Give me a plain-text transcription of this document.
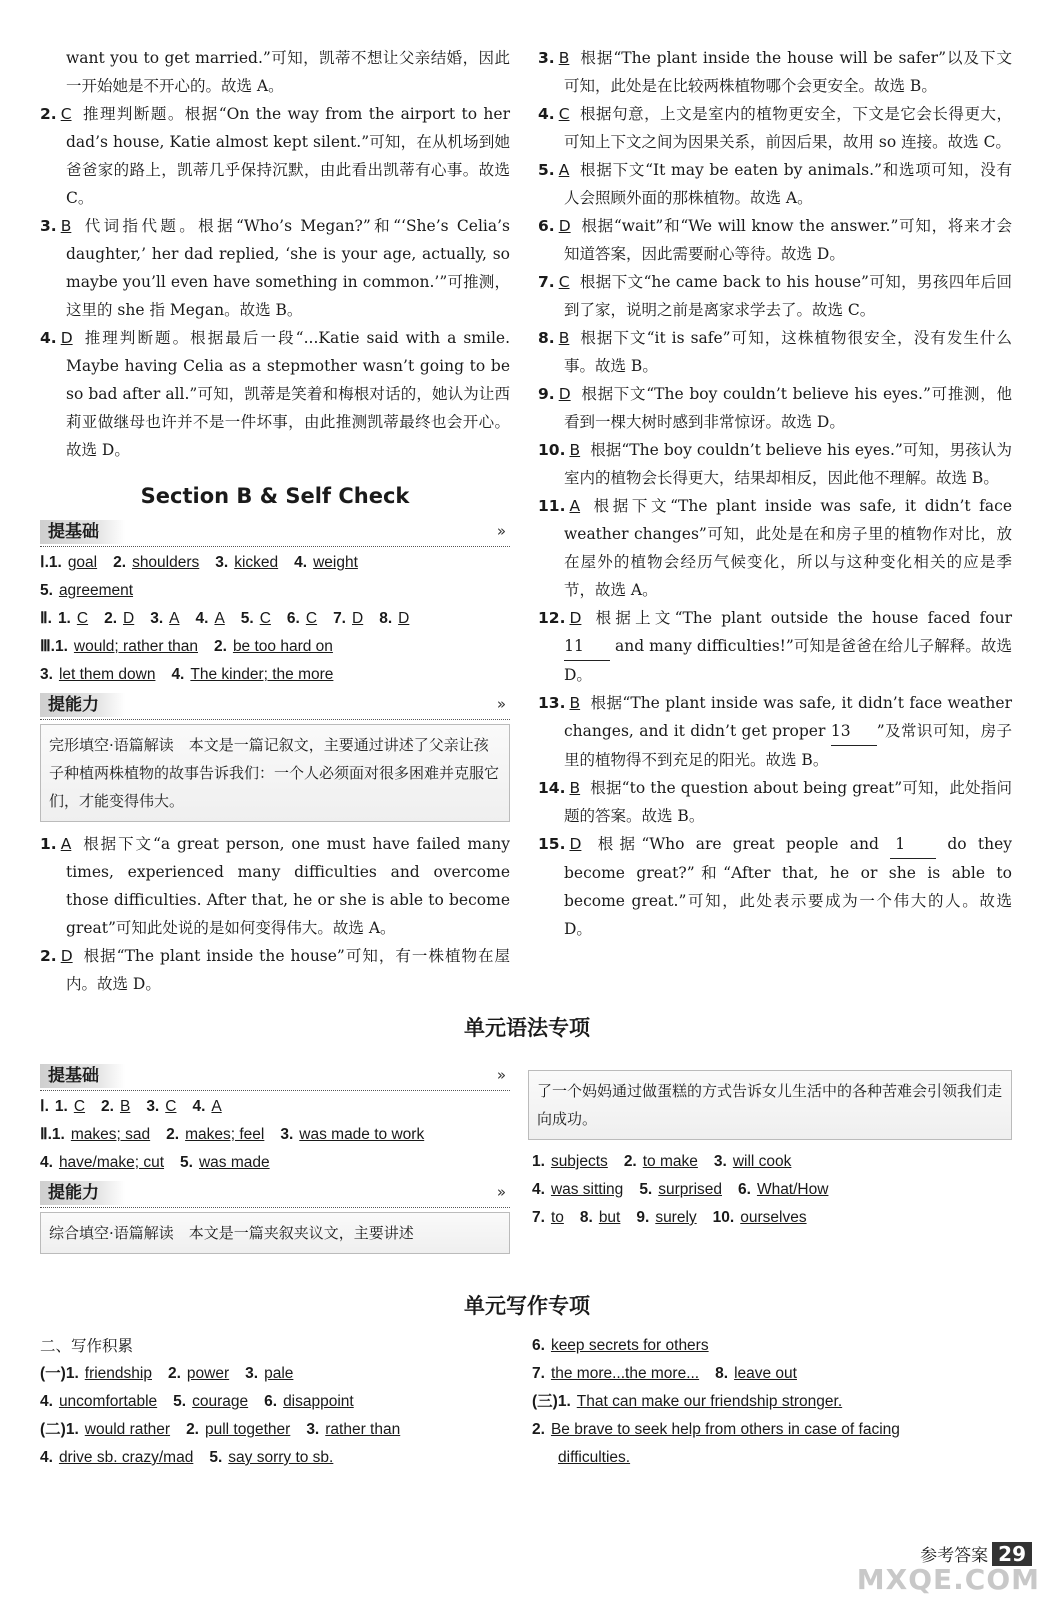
want you to get married.”可知，凯蒂不想让父亲结婚，因此一开始她是不开心的。故选 A。

2. C 推理判断题。根据“On the way from the airport to her dad’s house, Katie almost kept silent.”可知，在从机场到她爸爸家的路上，凯蒂几乎保持沉默，由此看出凯蒂有心事。故选 C。

3. B 代词指代题。根据“Who’s Megan?”和“‘She’s Celia’s daughter,’ her dad replied, ‘she is your age, actually, so maybe you’ll even have something in common.’”可推测，这里的 she 指 Megan。故选 B。

4. D 推理判断题。根据最后一段“...Katie said with a smile. Maybe having Celia as a stepmother wasn’t going to be so bad after all.”可知，凯蒂是笑着和梅根对话的，她认为让西莉亚做继母也许并不是一件坏事，由此推测凯蒂最终也会开心。故选 D。

Section B & Self Check
提基础	»
Ⅰ.1. goal 2. shoulders 3. kicked 4. weight
5. agreement
Ⅱ. 1. C 2. D 3. A 4. A 5. C 6. C 7. D 8. D
Ⅲ.1. would; rather than 2. be too hard on
3. let them down 4. The kinder; the more
提能力	»
完形填空·语篇解读　本文是一篇记叙文，主要通过讲述了父亲让孩子种植两株植物的故事告诉我们：一个人必须面对很多困难并克服它们，才能变得伟大。

1. A 根据下文“a great person, one must have failed many times, experienced many difficulties and overcome those difficulties. After that, he or she is able to become great”可知此处说的是如何变得伟大。故选 A。

2. D 根据“The plant inside the house”可知，有一株植物在屋内。故选 D。

3. B 根据“The plant inside the house will be safer”以及下文可知，此处是在比较两株植物哪个会更安全。故选 B。

4. C 根据句意，上文是室内的植物更安全，下文是它会长得更大，可知上下文之间为因果关系，前因后果，故用 so 连接。故选 C。

5. A 根据下文“It may be eaten by animals.”和选项可知，没有人会照顾外面的那株植物。故选 A。

6. D 根据“wait”和“We will know the answer.”可知，将来才会知道答案，因此需要耐心等待。故选 D。

7. C 根据下文“he came back to his house”可知，男孩四年后回到了家，说明之前是离家求学去了。故选 C。

8. B 根据下文“it is safe”可知，这株植物很安全，没有发生什么事。故选 B。

9. D 根据下文“The boy couldn’t believe his eyes.”可推测，他看到一棵大树时感到非常惊讶。故选 D。

10. B 根据“The boy couldn’t believe his eyes.”可知，男孩认为室内的植物会长得更大，结果却相反，因此他不理解。故选 B。

11. A 根据下文“The plant inside was safe, it didn’t face weather changes”可知，此处是在和房子里的植物作对比，放在屋外的植物会经历气候变化，所以与这种变化相关的应是季节，故选 A。

12. D 根据上文“The plant outside the house faced four 11 and many difficulties!”可知是爸爸在给儿子解释。故选 D。

13. B 根据“The plant inside was safe, it didn’t face weather changes, and it didn’t get proper 13 ”及常识可知，房子里的植物得不到充足的阳光。故选 B。

14. B 根据“to the question about being great”可知，此处指问题的答案。故选 B。

15. D 根据“Who are great people and 1	do they become great?”和“After that, he or she is able to become great.”可知，此处表示要成为一个伟大的人。故选 D。

单元语法专项
提基础	»
Ⅰ. 1. C 2. B 3. C 4. A
Ⅱ.1. makes; sad 2. makes; feel 3. was made to work
4. have/make; cut 5. was made
提能力	»
综合填空·语篇解读　本文是一篇夹叙夹议文，主要讲述
了一个妈妈通过做蛋糕的方式告诉女儿生活中的各种苦难会引领我们走向成功。
1. subjects 2. to make 3. will cook
4. was sitting 5. surprised 6. What/How
7. to 8. but 9. surely 10. ourselves
单元写作专项
二、写作积累
(一)1. friendship 2. power 3. pale
4. uncomfortable 5. courage 6. disappoint
(二)1. would rather 2. pull together 3. rather than
4. drive sb. crazy/mad 5. say sorry to sb.
6. keep secrets for others
7. the more...the more... 8. leave out
(三)1. That can make our friendship stronger.
2. Be brave to seek help from others in case of facing difficulties.
参考答案 29
MXQE.COM
